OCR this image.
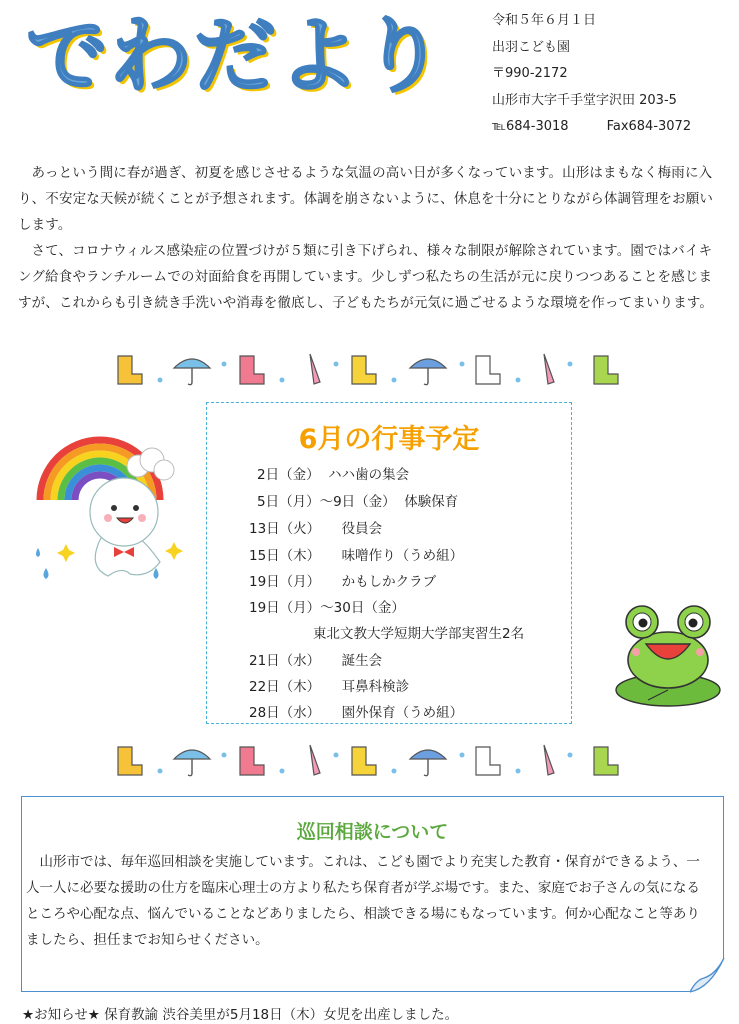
でわだより	令和５年６月１日
出羽こども園
〒990-2172
山形市大字千手堂字沢田 203-5
℡684-3018	Fax684-3072

あっという間に春が過ぎ、初夏を感じさせるような気温の高い日が多くなっています。山形はまもなく梅雨に入り、不安定な天候が続くことが予想されます。体調を崩さないように、休息を十分にとりながら体調管理をお願いします。

さて、コロナウィルス感染症の位置づけが５類に引き下げられ、様々な制限が解除されています。園ではバイキング給食やランチルームでの対面給食を再開しています。少しずつ私たちの生活が元に戻りつつあることを感じますが、これからも引き続き手洗いや消毒を徹底し、子どもたちが元気に過ごせるような環境を作ってまいります。

6月の行事予定
2日（金）  ハハ歯の集会
5日（月）～9日（金）  体験保育
13日（火）     役員会
15日（木）     味噌作り（うめ組）
19日（月）     かもしかクラブ
19日（月）～30日（金）
東北文教大学短期大学部実習生2名
21日（水）     誕生会
22日（木）     耳鼻科検診
28日（水）     園外保育（うめ組）
巡回相談について
山形市では、毎年巡回相談を実施しています。これは、こども園でより充実した教育・保育ができるよう、一人一人に必要な援助の仕方を臨床心理士の方より私たち保育者が学ぶ場です。また、家庭でお子さんの気になるところや心配な点、悩んでいることなどありましたら、相談できる場にもなっています。何か心配なこと等ありましたら、担任までお知らせください。
★お知らせ★ 保育教諭 渋谷美里が5月18日（木）女児を出産しました。
